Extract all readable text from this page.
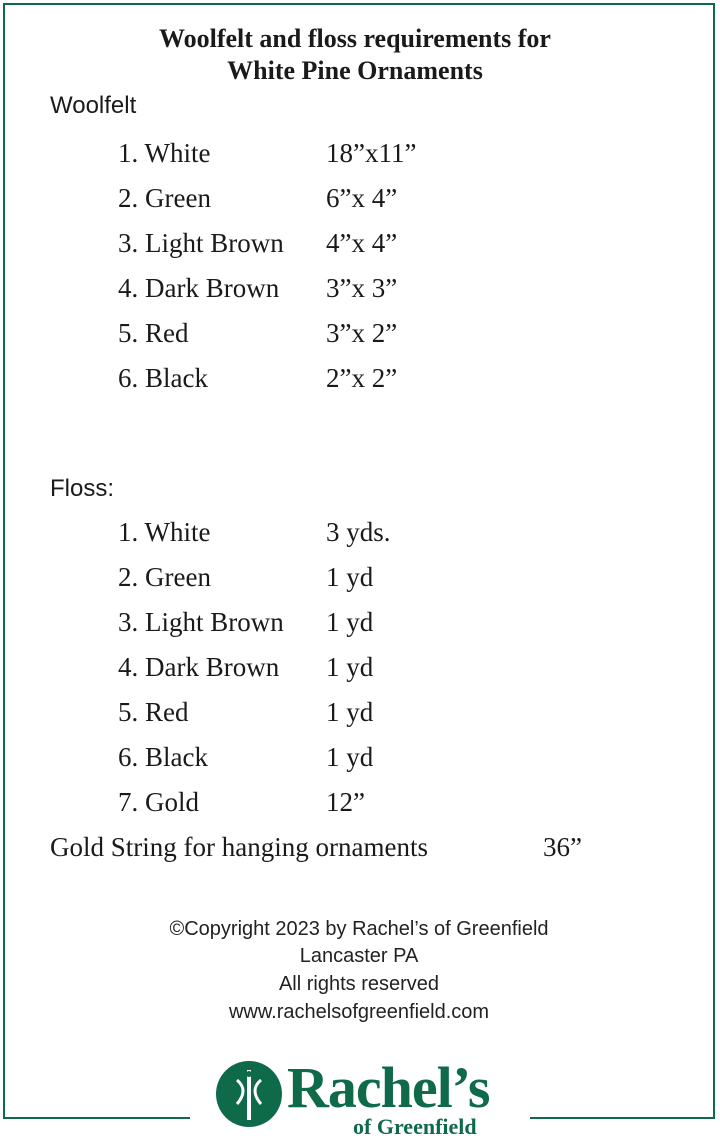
Woolfelt and floss requirements for
White Pine Ornaments
Woolfelt
1. White	18”x11”
2. Green	6”x 4”
3. Light Brown 4”x 4”
4. Dark Brown 3”x 3”
5. Red	3”x 2”
6. Black	2”x 2”
Floss:
1. White	3 yds.
2. Green	1 yd
3. Light Brown 1 yd
4. Dark Brown 1 yd
5. Red	1 yd
6. Black	1 yd
7. Gold	12”
Gold String for hanging ornaments	36”
©Copyright 2023 by Rachel’s of Greenfield
Lancaster PA
All rights reserved
www.rachelsofgreenfield.com
Rachel’s
of Greenfield
